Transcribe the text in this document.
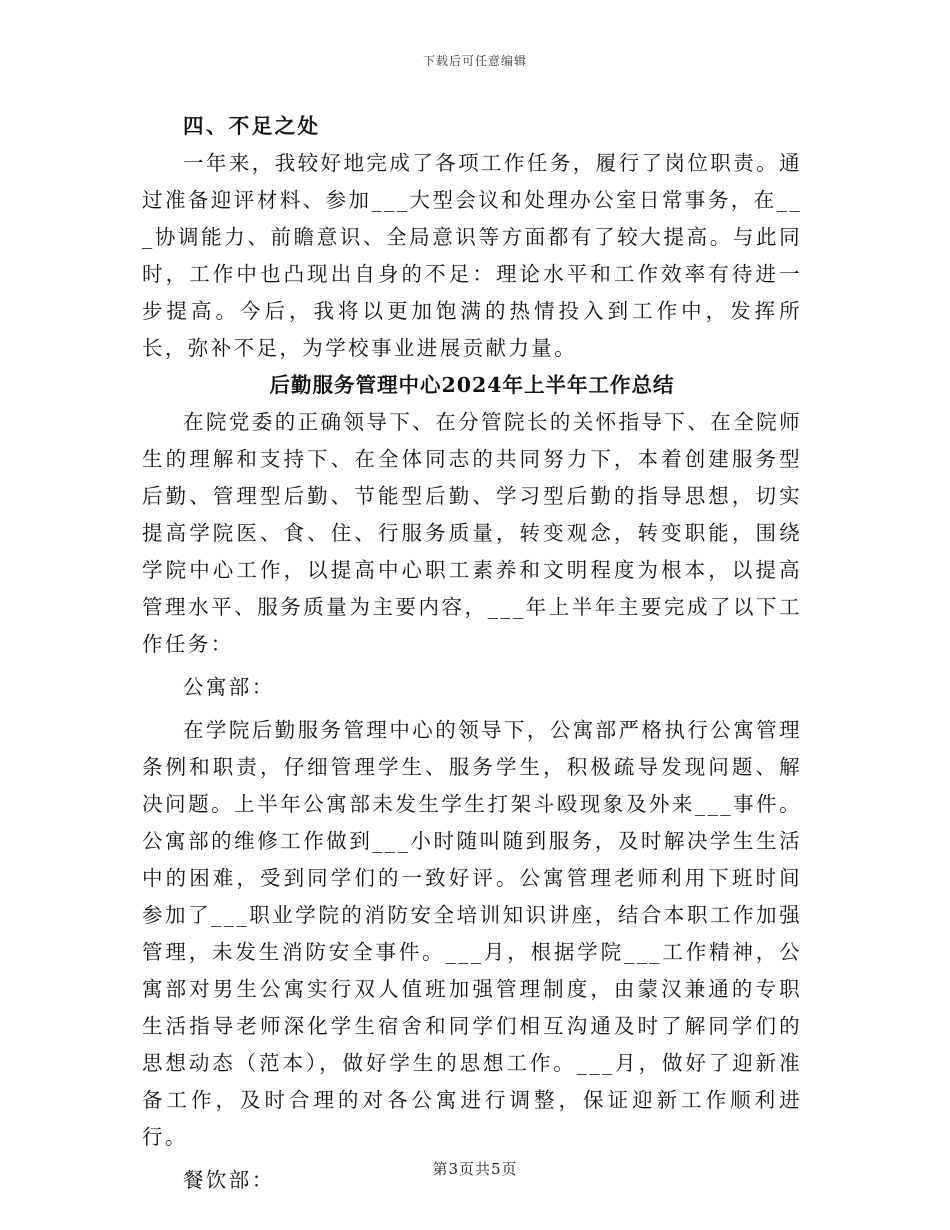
下载后可任意编辑

四、不足之处

一年来，我较好地完成了各项工作任务，履行了岗位职责。通过准备迎评材料、参加___大型会议和处理办公室日常事务，在___协调能力、前瞻意识、全局意识等方面都有了较大提高。与此同时，工作中也凸现出自身的不足：理论水平和工作效率有待进一步提高。今后，我将以更加饱满的热情投入到工作中，发挥所长，弥补不足，为学校事业进展贡献力量。

后勤服务管理中心2024年上半年工作总结

在院党委的正确领导下、在分管院长的关怀指导下、在全院师生的理解和支持下、在全体同志的共同努力下，本着创建服务型后勤、管理型后勤、节能型后勤、学习型后勤的指导思想，切实提高学院医、食、住、行服务质量，转变观念，转变职能，围绕学院中心工作，以提高中心职工素养和文明程度为根本，以提高管理水平、服务质量为主要内容，___年上半年主要完成了以下工作任务：

公寓部：

在学院后勤服务管理中心的领导下，公寓部严格执行公寓管理条例和职责，仔细管理学生、服务学生，积极疏导发现问题、解决问题。上半年公寓部未发生学生打架斗殴现象及外来___事件。公寓部的维修工作做到___小时随叫随到服务，及时解决学生生活中的困难，受到同学们的一致好评。公寓管理老师利用下班时间参加了___职业学院的消防安全培训知识讲座，结合本职工作加强管理，未发生消防安全事件。___月，根据学院___工作精神，公寓部对男生公寓实行双人值班加强管理制度，由蒙汉兼通的专职生活指导老师深化学生宿舍和同学们相互沟通及时了解同学们的思想动态（范本），做好学生的思想工作。___月，做好了迎新准备工作，及时合理的对各公寓进行调整，保证迎新工作顺利进行。

餐饮部：	第3页共5页
